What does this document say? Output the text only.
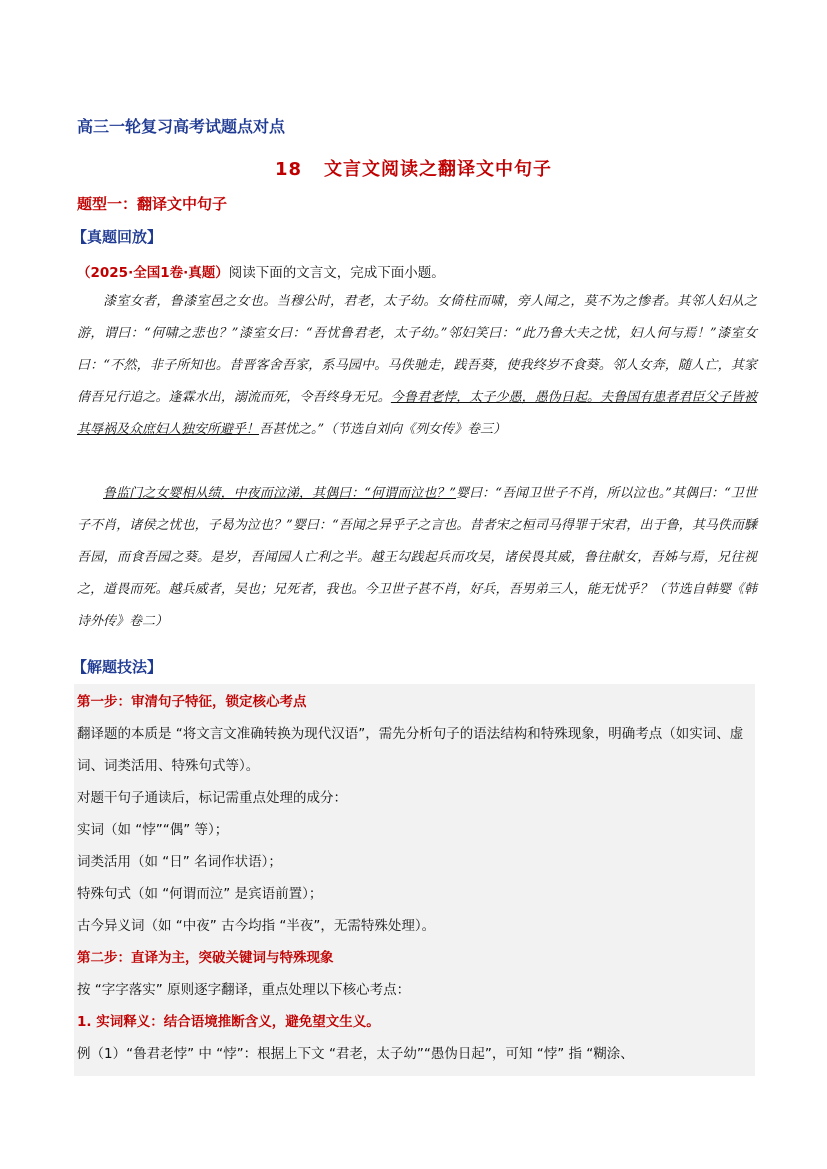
高三一轮复习高考试题点对点
18 文言文阅读之翻译文中句子
题型一：翻译文中句子
【真题回放】
（2025·全国1卷·真题）阅读下面的文言文，完成下面小题。

漆室女者，鲁漆室邑之女也。当穆公时，君老，太子幼。女倚柱而啸，旁人闻之，莫不为之惨者。其邻人妇从之游，谓曰：“何啸之悲也？”漆室女曰：“吾忧鲁君老，太子幼。”邻妇笑曰：“此乃鲁大夫之忧，妇人何与焉！”漆室女曰：“不然，非子所知也。昔晋客舍吾家，系马园中。马佚驰走，践吾葵，使我终岁不食葵。邻人女奔，随人亡，其家倩吾兄行追之。逢霖水出，溺流而死，令吾终身无兄。今鲁君老悖，太子少愚，愚伪日起。夫鲁国有患者君臣父子皆被其辱祸及众庶妇人独安所避乎！吾甚忧之。”（节选自刘向《列女传》卷三）

鲁监门之女婴相从绩，中夜而泣涕，其偶曰：“何谓而泣也？”婴曰：“吾闻卫世子不肖，所以泣也。”其偶曰：“卫世子不肖，诸侯之忧也，子曷为泣也？”婴曰：“吾闻之异乎子之言也。昔者宋之桓司马得罪于宋君，出于鲁，其马佚而騬吾园，而食吾园之葵。是岁，吾闻园人亡利之半。越王勾践起兵而攻吴，诸侯畏其威，鲁往献女，吾姊与焉，兄往视之，道畏而死。越兵威者，吴也；兄死者，我也。今卫世子甚不肖，好兵，吾男弟三人，能无忧乎？（节选自韩婴《韩诗外传》卷二）

【解题技法】
第一步：审清句子特征，锁定核心考点
翻译题的本质是 “将文言文准确转换为现代汉语”，需先分析句子的语法结构和特殊现象，明确考点（如实词、虚词、词类活用、特殊句式等）。
对题干句子通读后，标记需重点处理的成分：
实词（如 “悖”“偶” 等）；
词类活用（如 “日” 名词作状语）；
特殊句式（如 “何谓而泣” 是宾语前置）；
古今异义词（如 “中夜” 古今均指 “半夜”，无需特殊处理）。
第二步：直译为主，突破关键词与特殊现象
按 “字字落实” 原则逐字翻译，重点处理以下核心考点：
1. 实词释义：结合语境推断含义，避免望文生义。
例（1）“鲁君老悖” 中 “悖”：根据上下文 “君老，太子幼”“愚伪日起”，可知 “悖” 指 “糊涂、
